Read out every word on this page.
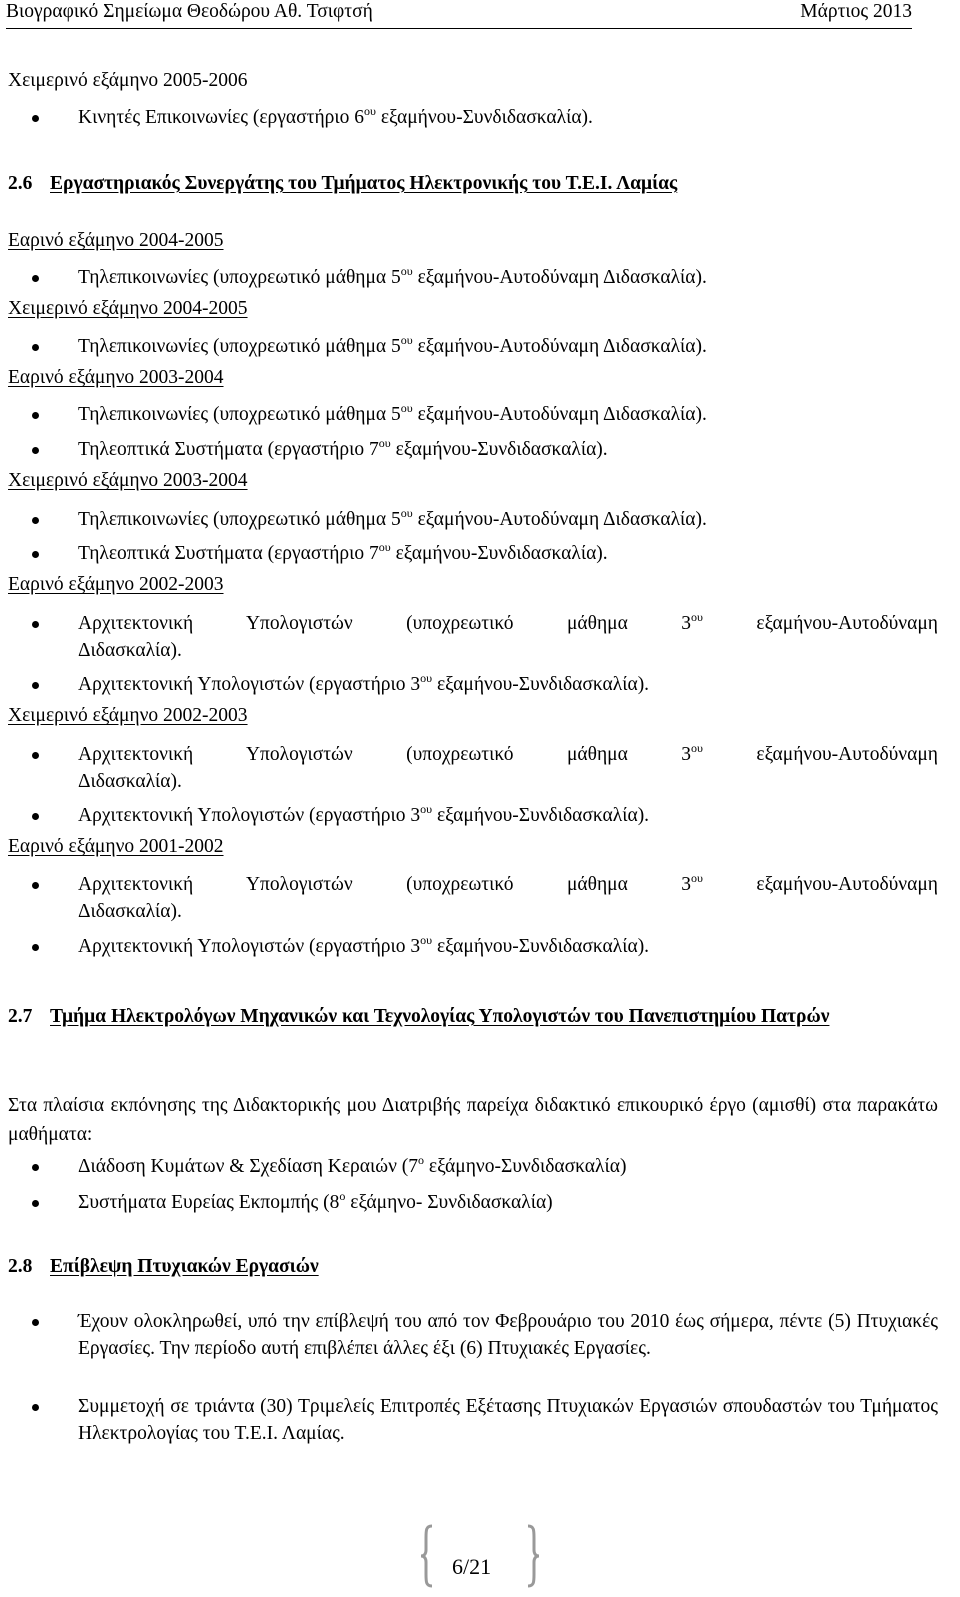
Βιογραφικό Σημείωμα Θεοδώρου Αθ. Τσιφτσή	Μάρτιος 2013
Χειμερινό εξάμηνο 2005-2006
Κινητές Επικοινωνίες (εργαστήριο $6^{o\upsilon}$ εξαμήνου-Συνδιδασκαλία).
2.6 Εργαστηριακός Συνεργάτης του Τμήματος Ηλεκτρονικής του Τ.Ε.Ι. Λαμίας
Εαρινό εξάμηνο 2004-2005
Τηλεπικοινωνίες (υποχρεωτικό μάθημα $5^{o\upsilon}$ εξαμήνου-Αυτοδύναμη Διδασκαλία).
Χειμερινό εξάμηνο 2004-2005
Τηλεπικοινωνίες (υποχρεωτικό μάθημα $5^{o\upsilon}$ εξαμήνου-Αυτοδύναμη Διδασκαλία).
Εαρινό εξάμηνο 2003-2004
Τηλεπικοινωνίες (υποχρεωτικό μάθημα $5^{o\upsilon}$ εξαμήνου-Αυτοδύναμη Διδασκαλία).
Τηλεοπτικά Συστήματα (εργαστήριο $7^{o\upsilon}$ εξαμήνου-Συνδιδασκαλία).
Χειμερινό εξάμηνο 2003-2004
Τηλεπικοινωνίες (υποχρεωτικό μάθημα $5^{o\upsilon}$ εξαμήνου-Αυτοδύναμη Διδασκαλία).
Τηλεοπτικά Συστήματα (εργαστήριο $7^{o\upsilon}$ εξαμήνου-Συνδιδασκαλία).
Εαρινό εξάμηνο 2002-2003
Αρχιτεκτονική Υπολογιστών (υποχρεωτικό μάθημα $3^{o\upsilon}$ εξαμήνου-Αυτοδύναμη
Διδασκαλία).
Αρχιτεκτονική Υπολογιστών (εργαστήριο $3^{o\upsilon}$ εξαμήνου-Συνδιδασκαλία).
Χειμερινό εξάμηνο 2002-2003
Αρχιτεκτονική Υπολογιστών (υποχρεωτικό μάθημα $3^{o\upsilon}$ εξαμήνου-Αυτοδύναμη
Διδασκαλία).
Αρχιτεκτονική Υπολογιστών (εργαστήριο $3^{o\upsilon}$ εξαμήνου-Συνδιδασκαλία).
Εαρινό εξάμηνο 2001-2002
Αρχιτεκτονική Υπολογιστών (υποχρεωτικό μάθημα $3^{o\upsilon}$ εξαμήνου-Αυτοδύναμη
Διδασκαλία).
Αρχιτεκτονική Υπολογιστών (εργαστήριο $3^{o\upsilon}$ εξαμήνου-Συνδιδασκαλία).
2.7 Τμήμα Ηλεκτρολόγων Μηχανικών και Τεχνολογίας Υπολογιστών του Πανεπιστημίου Πατρών
Στα πλαίσια εκπόνησης της Διδακτορικής μου Διατριβής παρείχα διδακτικό επικουρικό έργο (αμισθί) στα παρακάτω μαθήματα:
Διάδοση Κυμάτων & Σχεδίαση Κεραιών ($7^o$ εξάμηνο-Συνδιδασκαλία)
Συστήματα Ευρείας Εκπομπής ($8^o$ εξάμηνο- Συνδιδασκαλία)
2.8 Επίβλεψη Πτυχιακών Εργασιών
Έχουν ολοκληρωθεί, υπό την επίβλεψή του από τον Φεβρουάριο του 2010 έως σήμερα, πέντε (5) Πτυχιακές Εργασίες. Την περίοδο αυτή επιβλέπει άλλες έξι (6) Πτυχιακές Εργασίες.
Συμμετοχή σε τριάντα (30) Τριμελείς Επιτροπές Εξέτασης Πτυχιακών Εργασιών σπουδαστών του Τμήματος Ηλεκτρολογίας του Τ.Ε.Ι. Λαμίας.
6/21
